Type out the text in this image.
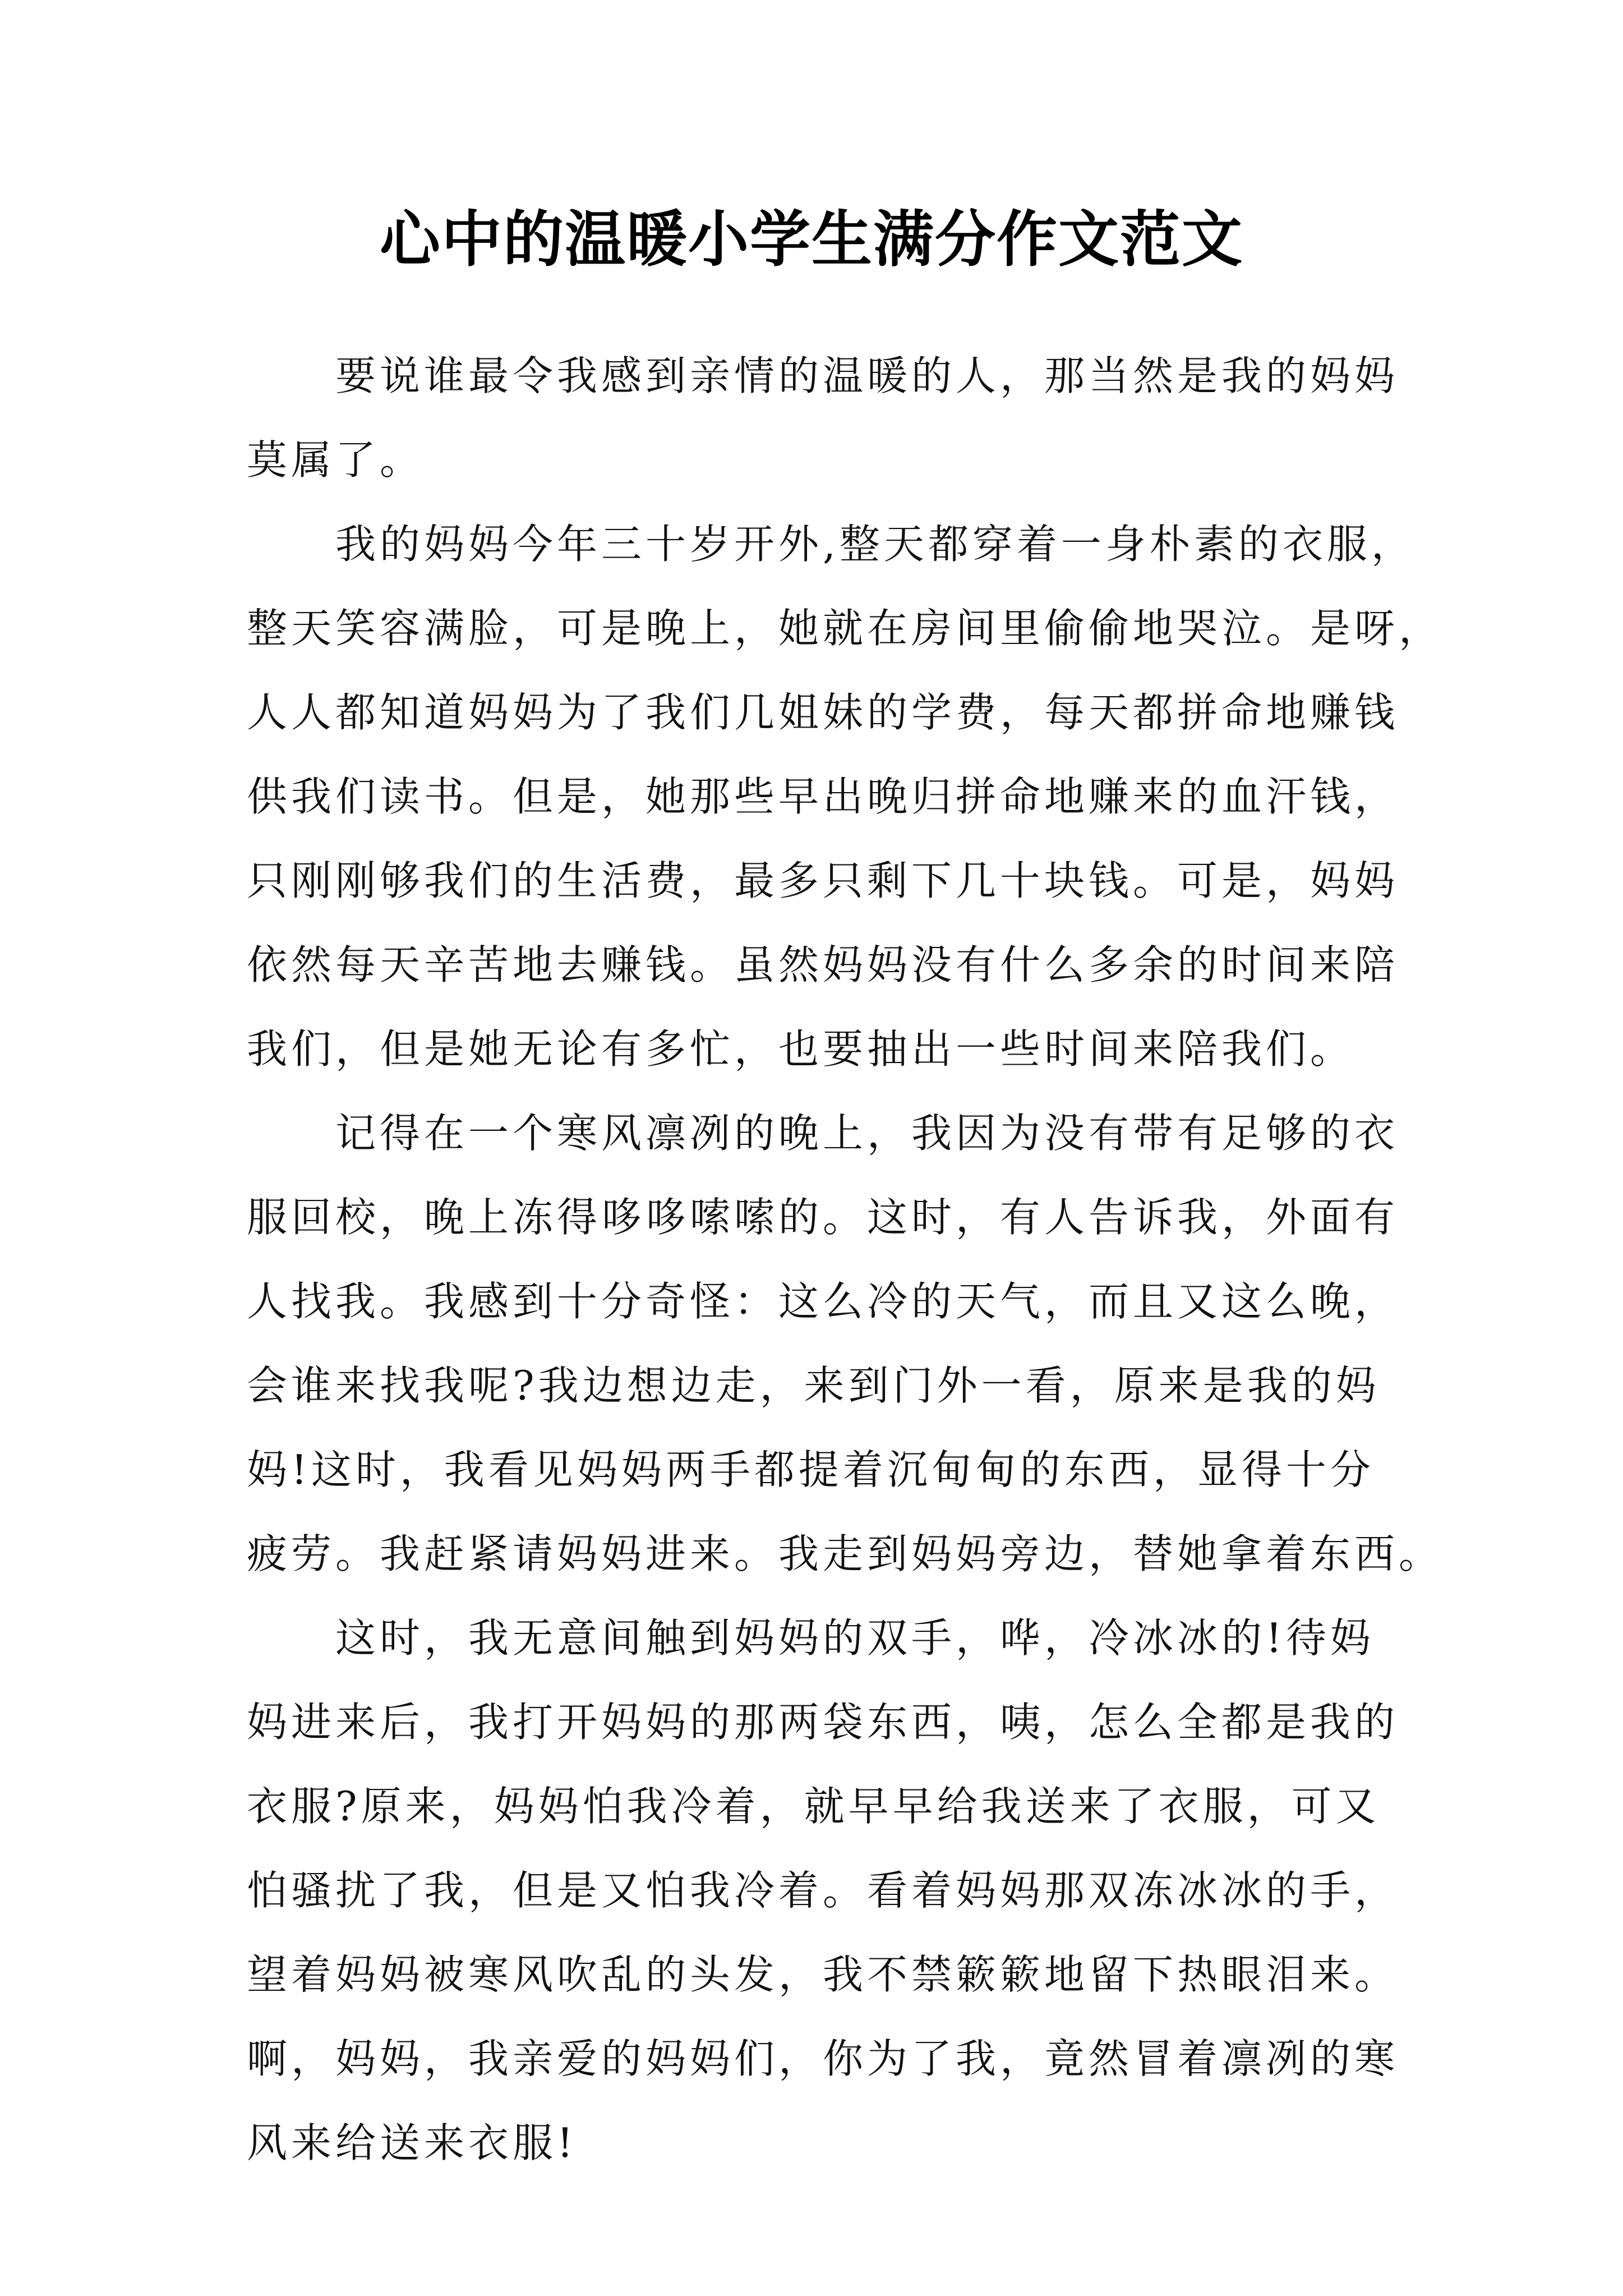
心中的温暖小学生满分作文范文

要说谁最令我感到亲情的温暖的人，那当然是我的妈妈

莫属了。

我的妈妈今年三十岁开外,整天都穿着一身朴素的衣服，

整天笑容满脸，可是晚上，她就在房间里偷偷地哭泣。是呀，

人人都知道妈妈为了我们几姐妹的学费，每天都拼命地赚钱

供我们读书。但是，她那些早出晚归拼命地赚来的血汗钱，

只刚刚够我们的生活费，最多只剩下几十块钱。可是，妈妈

依然每天辛苦地去赚钱。虽然妈妈没有什么多余的时间来陪

我们，但是她无论有多忙，也要抽出一些时间来陪我们。

记得在一个寒风凛冽的晚上，我因为没有带有足够的衣

服回校，晚上冻得哆哆嗦嗦的。这时，有人告诉我，外面有

人找我。我感到十分奇怪：这么冷的天气，而且又这么晚，

会谁来找我呢?我边想边走，来到门外一看，原来是我的妈

妈!这时，我看见妈妈两手都提着沉甸甸的东西，显得十分

疲劳。我赶紧请妈妈进来。我走到妈妈旁边，替她拿着东西。

这时，我无意间触到妈妈的双手，哗，冷冰冰的!待妈

妈进来后，我打开妈妈的那两袋东西，咦，怎么全都是我的

衣服?原来，妈妈怕我冷着，就早早给我送来了衣服，可又

怕骚扰了我，但是又怕我冷着。看着妈妈那双冻冰冰的手，

望着妈妈被寒风吹乱的头发，我不禁簌簌地留下热眼泪来。

啊，妈妈，我亲爱的妈妈们，你为了我，竟然冒着凛冽的寒

风来给送来衣服!
